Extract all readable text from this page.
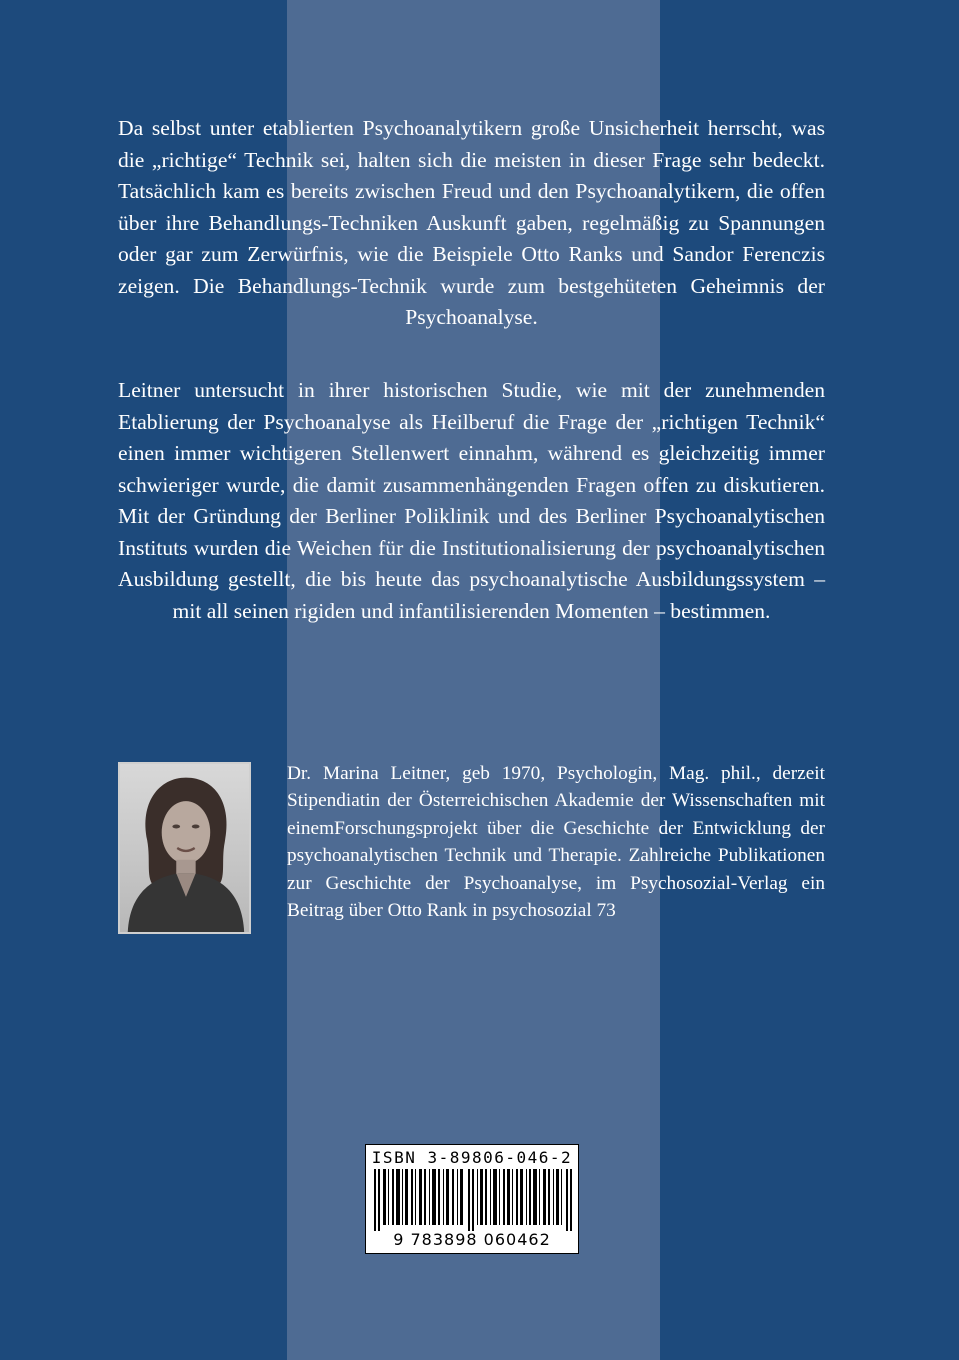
Da selbst unter etablierten Psychoanalytikern große Unsicherheit herrscht, was die „richtige“ Technik sei, halten sich die meisten in dieser Frage sehr bedeckt. Tatsächlich kam es bereits zwischen Freud und den Psychoanalytikern, die offen über ihre Behandlungs-Techniken Auskunft gaben, regelmäßig zu Spannungen oder gar zum Zerwürfnis, wie die Beispiele Otto Ranks und Sandor Ferenczis zeigen. Die Behandlungs-Technik wurde zum bestgehüteten Geheimnis der Psychoanalyse.

Leitner untersucht in ihrer historischen Studie, wie mit der zunehmenden Etablierung der Psychoanalyse als Heilberuf die Frage der „richtigen Technik“ einen immer wichtigeren Stellenwert einnahm, während es gleichzeitig immer schwieriger wurde, die damit zusammenhängenden Fragen offen zu diskutieren. Mit der Gründung der Berliner Poliklinik und des Berliner Psychoanalytischen Instituts wurden die Weichen für die Institutionalisierung der psychoanalytischen Ausbildung gestellt, die bis heute das psychoanalytische Ausbildungssystem – mit all seinen rigiden und infantilisierenden Momenten – bestimmen.

Dr. Marina Leitner, geb 1970, Psychologin, Mag. phil., derzeit Stipendiatin der Österreichischen Akademie der Wissenschaften mit einemForschungsprojekt über die Geschichte der Entwicklung der psychoanalytischen Technik und Therapie. Zahlreiche Publikationen zur Geschichte der Psychoanalyse, im Psychosozial-Verlag ein Beitrag über Otto Rank in psychosozial 73

ISBN 3-89806-046-2
9 783898 060462
